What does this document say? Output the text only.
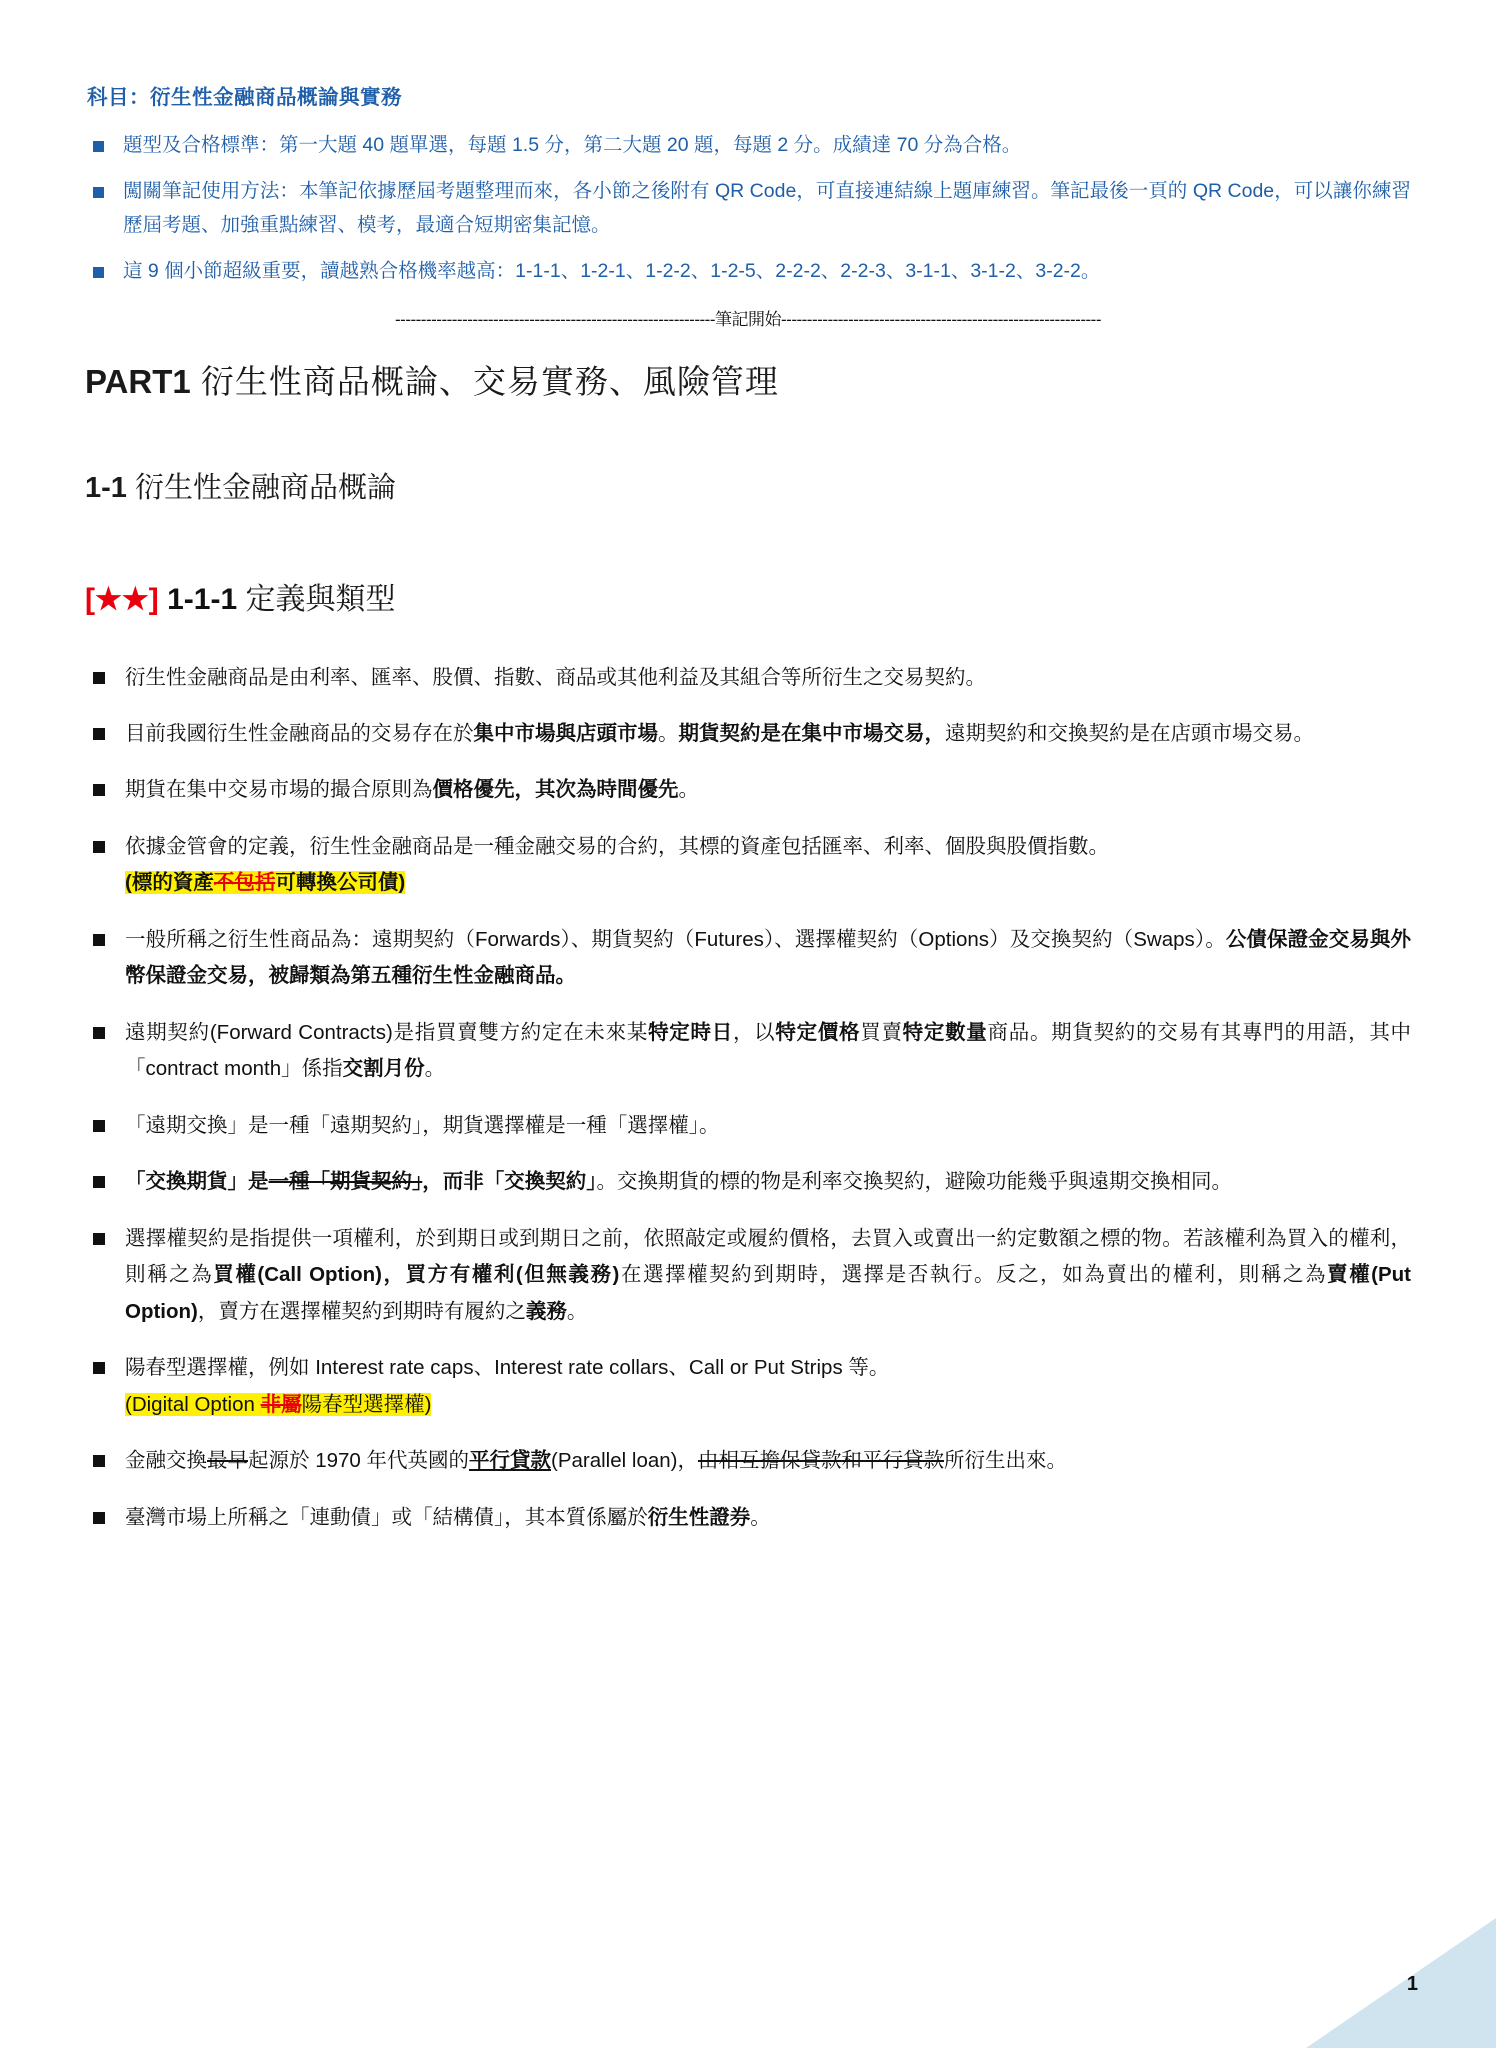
科目：衍生性金融商品概論與實務
題型及合格標準：第一大題 40 題單選，每題 1.5 分，第二大題 20 題，每題 2 分。成績達 70 分為合格。
闖關筆記使用方法：本筆記依據歷屆考題整理而來，各小節之後附有 QR Code，可直接連結線上題庫練習。筆記最後一頁的 QR Code，可以讓你練習歷屆考題、加強重點練習、模考，最適合短期密集記憶。
這 9 個小節超級重要，讀越熟合格機率越高：1-1-1、1-2-1、1-2-2、1-2-5、2-2-2、2-2-3、3-1-1、3-1-2、3-2-2。
--------------------------------------------------------------筆記開始--------------------------------------------------------------
PART1 衍生性商品概論、交易實務、風險管理
1-1 衍生性金融商品概論
[★★] 1-1-1 定義與類型
衍生性金融商品是由利率、匯率、股價、指數、商品或其他利益及其組合等所衍生之交易契約。
目前我國衍生性金融商品的交易存在於集中市場與店頭市場。期貨契約是在集中市場交易，遠期契約和交換契約是在店頭市場交易。
期貨在集中交易市場的撮合原則為價格優先，其次為時間優先。
依據金管會的定義，衍生性金融商品是一種金融交易的合約，其標的資產包括匯率、利率、個股與股價指數。
(標的資產不包括可轉換公司債)
一般所稱之衍生性商品為：遠期契約（Forwards）、期貨契約（Futures）、選擇權契約（Options）及交換契約（Swaps）。公債保證金交易與外幣保證金交易，被歸類為第五種衍生性金融商品。
遠期契約(Forward Contracts)是指買賣雙方約定在未來某特定時日，以特定價格買賣特定數量商品。期貨契約的交易有其專門的用語，其中「contract month」係指交割月份。
「遠期交換」是一種「遠期契約」，期貨選擇權是一種「選擇權」。
「交換期貨」是一種「期貨契約」，而非「交換契約」。交換期貨的標的物是利率交換契約，避險功能幾乎與遠期交換相同。
選擇權契約是指提供一項權利，於到期日或到期日之前，依照敲定或履約價格，去買入或賣出一約定數額之標的物。若該權利為買入的權利，則稱之為買權(Call Option)，買方有權利(但無義務)在選擇權契約到期時，選擇是否執行。反之，如為賣出的權利，則稱之為賣權(Put Option)，賣方在選擇權契約到期時有履約之義務。
陽春型選擇權，例如 Interest rate caps、Interest rate collars、Call or Put Strips 等。
(Digital Option 非屬陽春型選擇權)
金融交換最早起源於 1970 年代英國的平行貸款(Parallel loan)，由相互擔保貸款和平行貸款所衍生出來。
臺灣市場上所稱之「連動債」或「結構債」，其本質係屬於衍生性證券。
1
